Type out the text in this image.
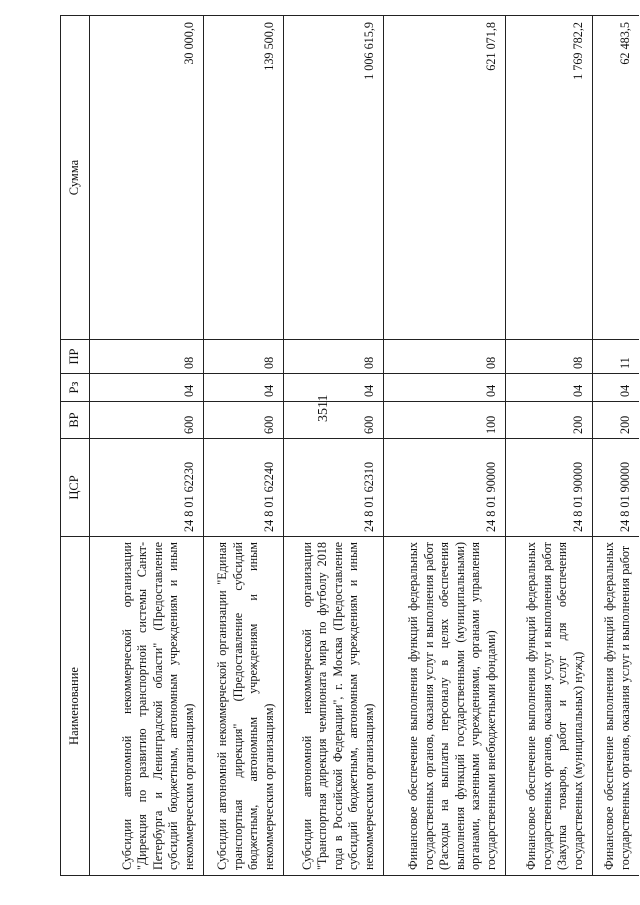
3511
Наименование	ЦСР	ВР	Рз	ПР	Сумма
Субсидии автономной некоммерческой организации "Дирекция по развитию транспортной системы Санкт-Петербурга и Ленинградской области" (Предоставление субсидий бюджетным, автономным учреждениям и иным некоммерческим организациям)	24 8 01 62230	600	04	08	30 000,0
Субсидии автономной некоммерческой организации "Единая транспортная дирекция" (Предоставление субсидий бюджетным, автономным учреждениям и иным некоммерческим организациям)	24 8 01 62240	600	04	08	139 500,0
Субсидии автономной некоммерческой организации "Транспортная дирекция чемпионата мира по футболу 2018 года в Российской Федерации", г. Москва (Предоставление субсидий бюджетным, автономным учреждениям и иным некоммерческим организациям)	24 8 01 62310	600	04	08	1 006 615,9
Финансовое обеспечение выполнения функций федеральных государственных органов, оказания услуг и выполнения работ (Расходы на выплаты персоналу в целях обеспечения выполнения функций государственными (муниципальными) органами, казенными учреждениями, органами управления государственными внебюджетными фондами)	24 8 01 90000	100	04	08	621 071,8
Финансовое обеспечение выполнения функций федеральных государственных органов, оказания услуг и выполнения работ (Закупка товаров, работ и услуг для обеспечения государственных (муниципальных) нужд)	24 8 01 90000	200	04	08	1 769 782,2
Финансовое обеспечение выполнения функций федеральных государственных органов, оказания услуг и выполнения работ	24 8 01 90000	200	04	11	62 483,5
